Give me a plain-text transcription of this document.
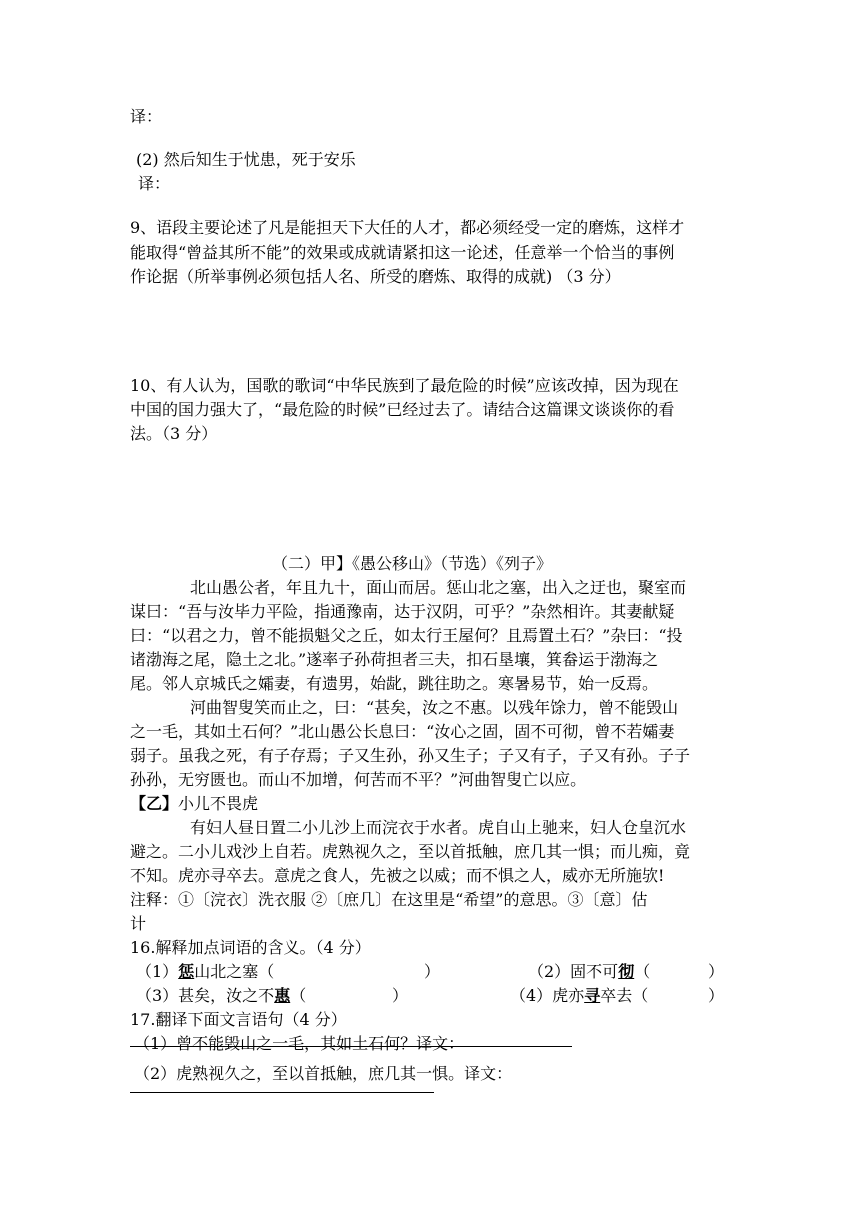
译：
(2) 然后知生于忧患，死于安乐
译：
9、语段主要论述了凡是能担天下大任的人才，都必须经受一定的磨炼，这样才
能取得“曾益其所不能”的效果或成就请紧扣这一论述，任意举一个恰当的事例
作论据（所举事例必须包括人名、所受的磨炼、取得的成就) （3 分）
10、有人认为，国歌的歌词“中华民族到了最危险的时候”应该改掉，因为现在
中国的国力强大了，“最危险的时候”已经过去了。请结合这篇课文谈谈你的看
法。（3 分）
（二）甲】《愚公移山》（节选）《列子》
北山愚公者，年且九十，面山而居。惩山北之塞，出入之迂也，聚室而
谋曰：“吾与汝毕力平险，指通豫南，达于汉阴，可乎？”杂然相许。其妻献疑
曰：“以君之力，曾不能损魁父之丘，如太行王屋何？且焉置土石？”杂曰：“投
诸渤海之尾，隐土之北。”遂率子孙荷担者三夫，扣石垦壤，箕畚运于渤海之
尾。邻人京城氏之孀妻，有遗男，始龀，跳往助之。寒暑易节，始一反焉。
河曲智叟笑而止之，曰：“甚矣，汝之不惠。以残年馀力，曾不能毁山
之一毛，其如土石何？”北山愚公长息曰：“汝心之固，固不可彻，曾不若孀妻
弱子。虽我之死，有子存焉；子又生孙，孙又生子；子又有子，子又有孙。子子
孙孙，无穷匮也。而山不加增，何苦而不平？”河曲智叟亡以应。
【乙】小儿不畏虎
有妇人昼日置二小儿沙上而浣衣于水者。虎自山上驰来，妇人仓皇沉水
避之。二小儿戏沙上自若。虎熟视久之，至以首抵触，庶几其一惧；而儿痴，竟
不知。虎亦寻卒去。意虎之食人，先被之以威；而不惧之人，威亦无所施欤!
注释：①〔浣衣〕洗衣服 ②〔庶几〕在这里是“希望”的意思。③〔意〕估
计
16.解释加点词语的含义。（4 分）
（1）惩山北之塞（	）	（2）固不可彻（	）
（3）甚矣，汝之不惠（	）	（4）虎亦寻卒去（	）
17.翻译下面文言语句（4 分）
（1）曾不能毁山之一毛，其如土石何？译文：
（2）虎熟视久之，至以首抵触，庶几其一惧。译文：
